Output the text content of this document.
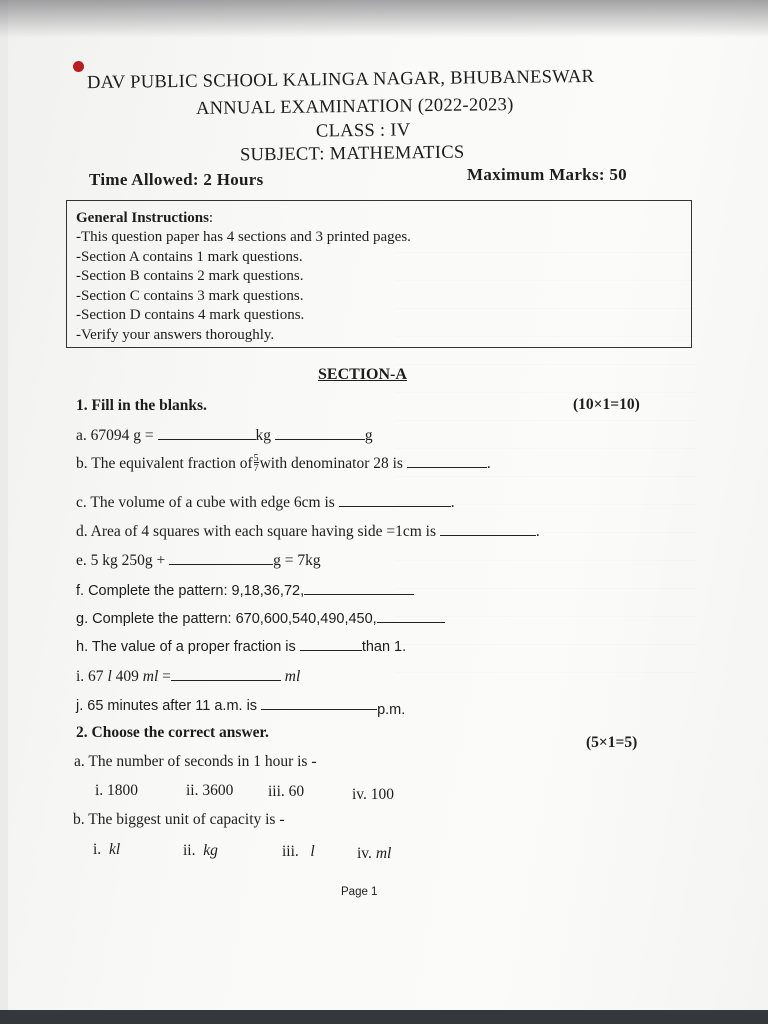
DAV PUBLIC SCHOOL KALINGA NAGAR, BHUBANESWAR
ANNUAL EXAMINATION (2022-2023)
CLASS : IV
SUBJECT: MATHEMATICS
Time Allowed: 2 Hours	Maximum Marks: 50
General Instructions:
-This question paper has 4 sections and 3 printed pages.
-Section A contains 1 mark questions.
-Section B contains 2 mark questions.
-Section C contains 3 mark questions.
-Section D contains 4 mark questions.
-Verify your answers thoroughly.
SECTION-A
1. Fill in the blanks.	(10×1=10)
a. 67094 g =	kg	g
b. The equivalent fraction $of\frac{5}{7}with$ denominator 28 is	.
c. The volume of a cube with edge 6cm is	.
d. Area of 4 squares with each square having side =1cm is	.
e. 5 kg 250g +	g = 7kg
f. Complete the pattern: 9,18,36,72,
g. Complete the pattern: 670,600,540,490,450,
h. The value of a proper fraction is	than 1.
i. 67 l 409 ml =	ml
j. 65 minutes after 11 a.m. is	p.m.
2. Choose the correct answer.
(5×1=5)
a. The number of seconds in 1 hour is -
i. 1800	ii. 3600 iii. 60	iv. 100
b. The biggest unit of capacity is -
i. kl	ii. kg	iii. l	iv. ml
Page 1
